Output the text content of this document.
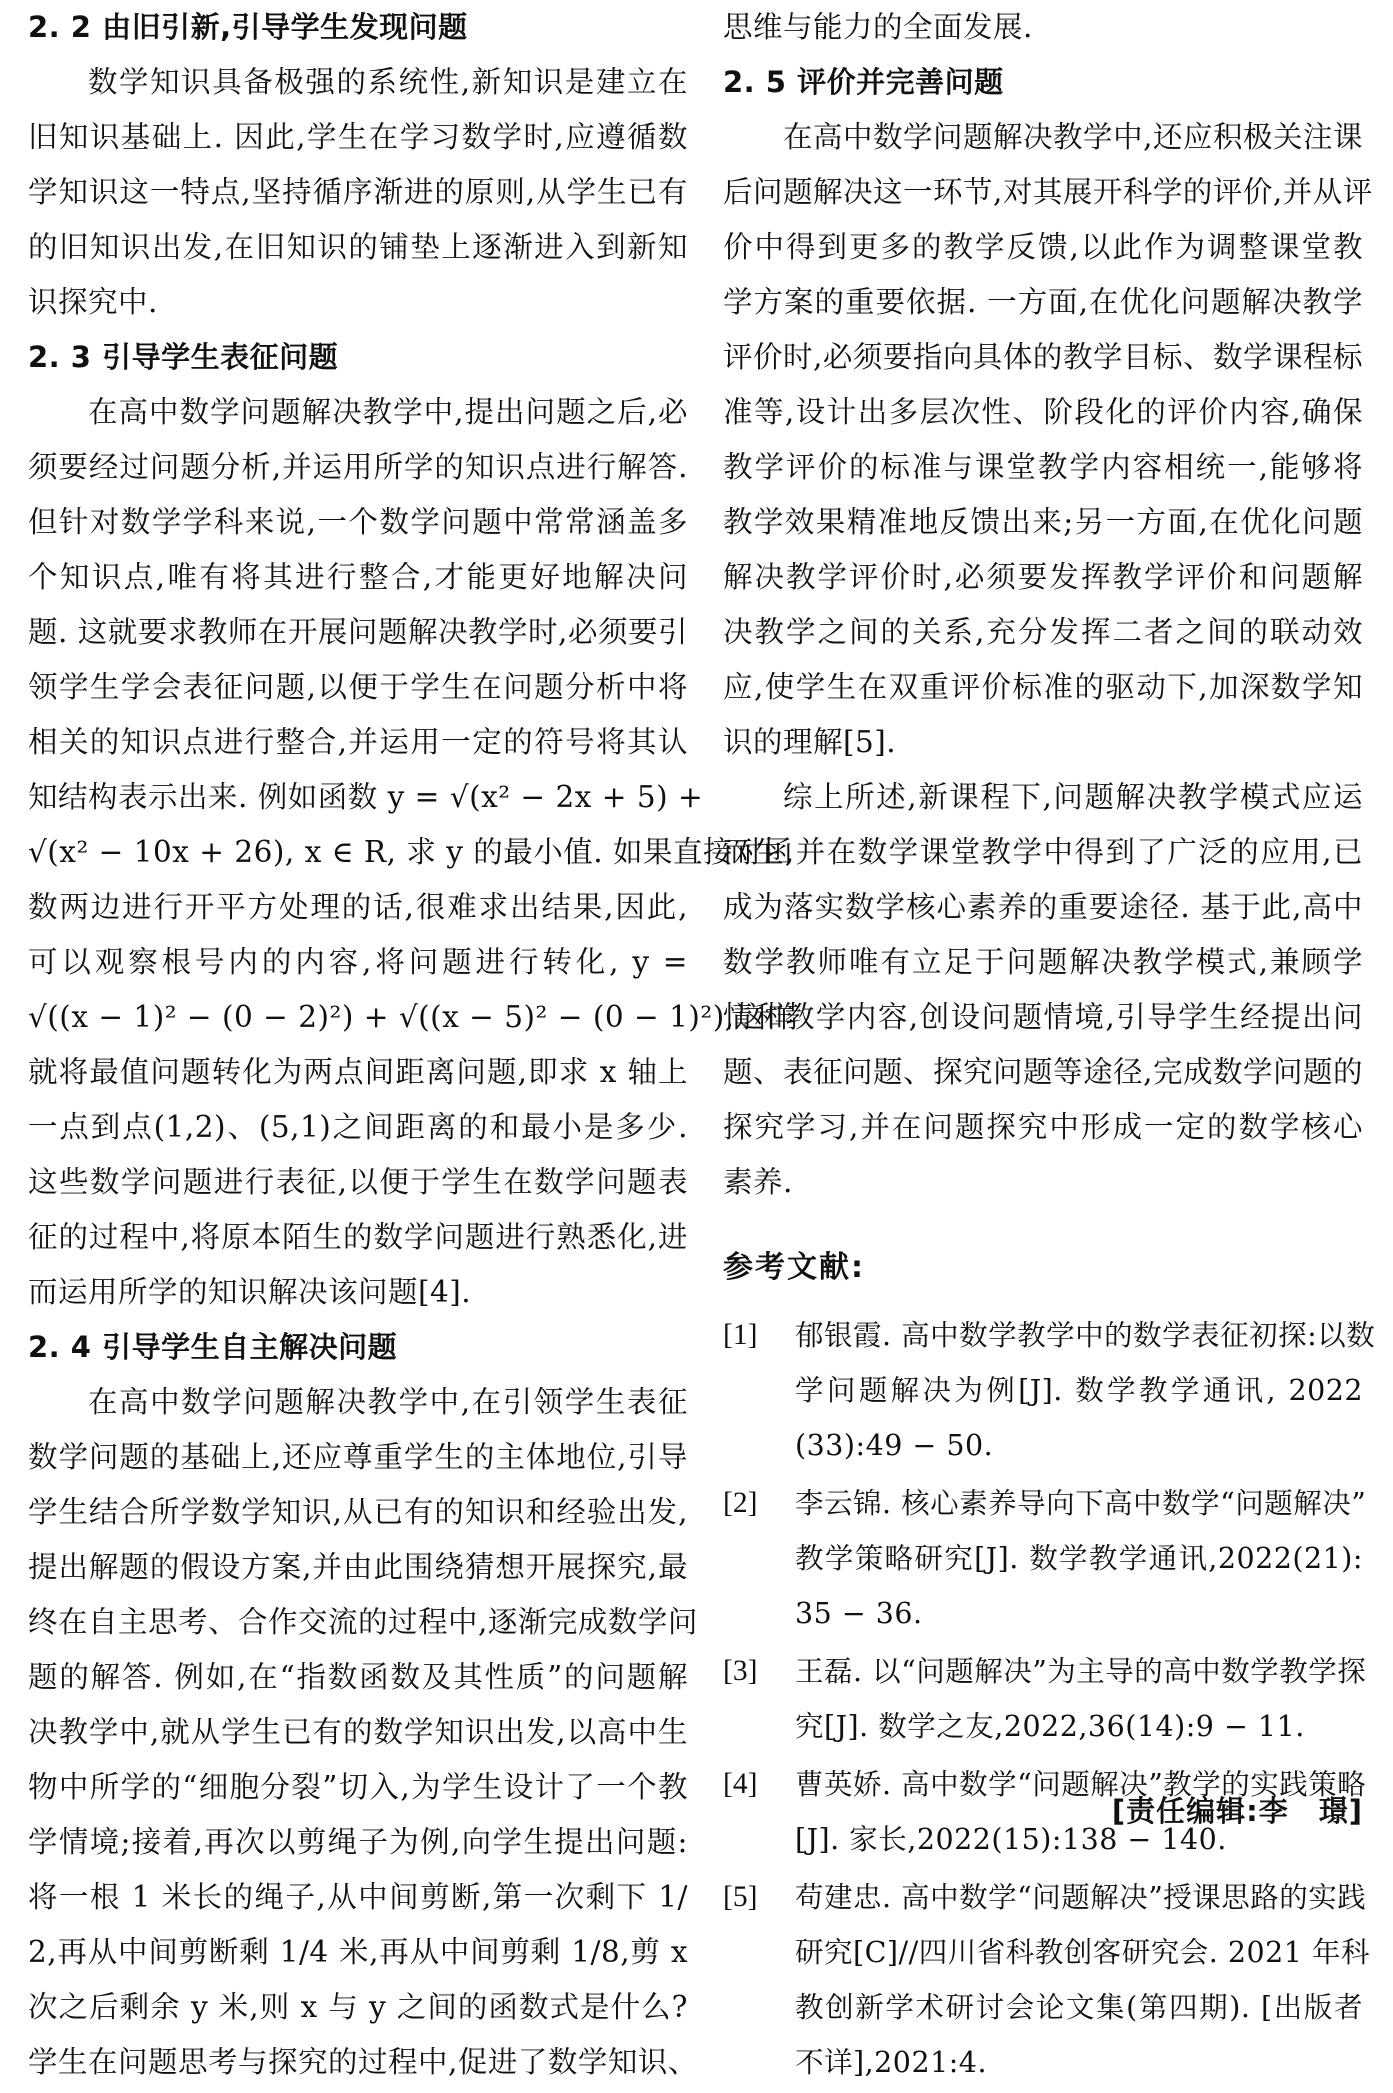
2. 2 由旧引新,引导学生发现问题
数学知识具备极强的系统性,新知识是建立在
旧知识基础上. 因此,学生在学习数学时,应遵循数
学知识这一特点,坚持循序渐进的原则,从学生已有
的旧知识出发,在旧知识的铺垫上逐渐进入到新知
识探究中.
2. 3 引导学生表征问题
在高中数学问题解决教学中,提出问题之后,必
须要经过问题分析,并运用所学的知识点进行解答.
但针对数学学科来说,一个数学问题中常常涵盖多
个知识点,唯有将其进行整合,才能更好地解决问
题. 这就要求教师在开展问题解决教学时,必须要引
领学生学会表征问题,以便于学生在问题分析中将
相关的知识点进行整合,并运用一定的符号将其认
知结构表示出来. 例如函数 y = √(x² − 2x + 5) +
√(x² − 10x + 26), x ∈ R, 求 y 的最小值. 如果直接对函
数两边进行开平方处理的话,很难求出结果,因此,
可以观察根号内的内容,将问题进行转化, y =
√((x − 1)² − (0 − 2)²) + √((x − 5)² − (0 − 1)²),这样
就将最值问题转化为两点间距离问题,即求 x 轴上
一点到点(1,2)、(5,1)之间距离的和最小是多少.
这些数学问题进行表征,以便于学生在数学问题表
征的过程中,将原本陌生的数学问题进行熟悉化,进
而运用所学的知识解决该问题[4].
2. 4 引导学生自主解决问题
在高中数学问题解决教学中,在引领学生表征
数学问题的基础上,还应尊重学生的主体地位,引导
学生结合所学数学知识,从已有的知识和经验出发,
提出解题的假设方案,并由此围绕猜想开展探究,最
终在自主思考、合作交流的过程中,逐渐完成数学问
题的解答. 例如,在“指数函数及其性质”的问题解
决教学中,就从学生已有的数学知识出发,以高中生
物中所学的“细胞分裂”切入,为学生设计了一个教
学情境;接着,再次以剪绳子为例,向学生提出问题:
将一根 1 米长的绳子,从中间剪断,第一次剩下 1/
2,再从中间剪断剩 1/4 米,再从中间剪剩 1/8,剪 x
次之后剩余 y 米,则 x 与 y 之间的函数式是什么?
学生在问题思考与探究的过程中,促进了数学知识、
思维与能力的全面发展.
2. 5 评价并完善问题
在高中数学问题解决教学中,还应积极关注课
后问题解决这一环节,对其展开科学的评价,并从评
价中得到更多的教学反馈,以此作为调整课堂教
学方案的重要依据. 一方面,在优化问题解决教学
评价时,必须要指向具体的教学目标、数学课程标
准等,设计出多层次性、阶段化的评价内容,确保
教学评价的标准与课堂教学内容相统一,能够将
教学效果精准地反馈出来;另一方面,在优化问题
解决教学评价时,必须要发挥教学评价和问题解
决教学之间的关系,充分发挥二者之间的联动效
应,使学生在双重评价标准的驱动下,加深数学知
识的理解[5].
综上所述,新课程下,问题解决教学模式应运
而生,并在数学课堂教学中得到了广泛的应用,已
成为落实数学核心素养的重要途径. 基于此,高中
数学教师唯有立足于问题解决教学模式,兼顾学
情和教学内容,创设问题情境,引导学生经提出问
题、表征问题、探究问题等途径,完成数学问题的
探究学习,并在问题探究中形成一定的数学核心
素养.
参考文献:
[1] 郁银霞. 高中数学教学中的数学表征初探:以数
学问题解决为例[J]. 数学教学通讯, 2022
(33):49 − 50.
[2] 李云锦. 核心素养导向下高中数学“问题解决”
教学策略研究[J]. 数学教学通讯,2022(21):
35 − 36.
[3] 王磊. 以“问题解决”为主导的高中数学教学探
究[J]. 数学之友,2022,36(14):9 − 11.
[4] 曹英娇. 高中数学“问题解决”教学的实践策略
[J]. 家长,2022(15):138 − 140.
[5] 苟建忠. 高中数学“问题解决”授课思路的实践
研究[C]//四川省科教创客研究会. 2021 年科
教创新学术研讨会论文集(第四期). [出版者
不详],2021:4.
[责任编辑:李　璟]
